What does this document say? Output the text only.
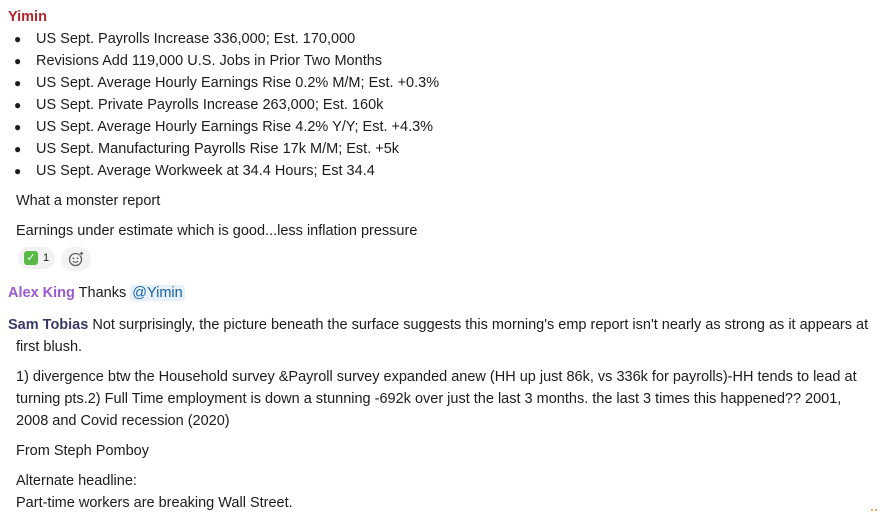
Yimin
● US Sept. Payrolls Increase 336,000; Est. 170,000
● Revisions Add 119,000 U.S. Jobs in Prior Two Months
● US Sept. Average Hourly Earnings Rise 0.2% M/M; Est. +0.3%
● US Sept. Private Payrolls Increase 263,000; Est. 160k
● US Sept. Average Hourly Earnings Rise 4.2% Y/Y; Est. +4.3%
● US Sept. Manufacturing Payrolls Rise 17k M/M; Est. +5k
● US Sept. Average Workweek at 34.4 Hours; Est 34.4
What a monster report
Earnings under estimate which is good...less inflation pressure
✓ 1
Alex King Thanks @Yimin
Sam Tobias Not surprisingly, the picture beneath the surface suggests this morning's emp report isn't nearly as strong as it appears at
first blush.
1) divergence btw the Household survey &Payroll survey expanded anew (HH up just 86k, vs 336k for payrolls)-HH tends to lead at
turning pts.2) Full Time employment is down a stunning -692k over just the last 3 months. the last 3 times this happened?? 2001,
2008 and Covid recession (2020)
From Steph Pomboy
Alternate headline:
Part-time workers are breaking Wall Street.
